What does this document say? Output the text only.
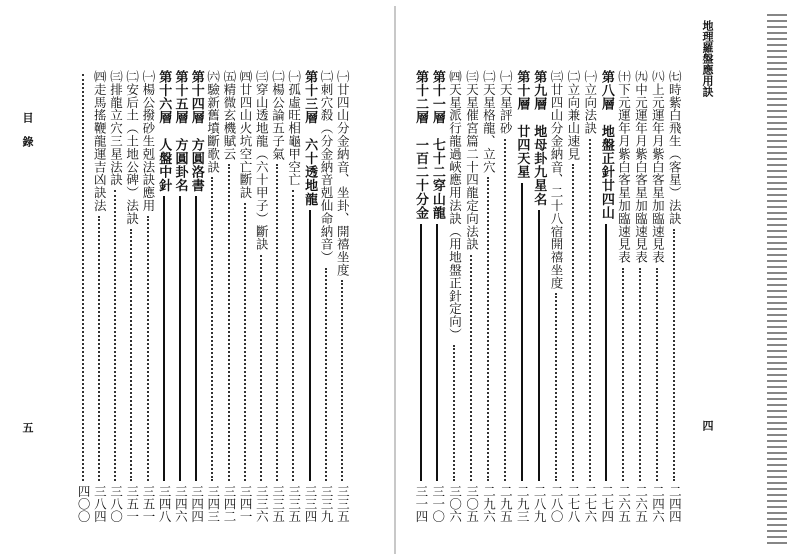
目 錄
五
㈠廿四山分金納音、坐卦、開禧坐度
三三五
㈡刺穴殺（分金納音剋仙命納音）
三三九
第十三層　六十透地龍
三三四
㈠孤虛旺相龜甲空亡
三三五
㈡楊公論五子氣
三三五
㈢穿山透地龍（六十甲子）斷訣
三三六
㈣廿四山火坑空亡斷訣
三四一
㈤精微玄機賦云
三四二
㈥驗新舊墳斷歌訣
三四三
第十四層　方圓洛書
三四四
第十五層　方圓卦名
三四六
第十六層　人盤中針
三四八
㈠楊公撥砂生剋法訣應用
三五一
㈡安后土（土地公碑）法訣
三五一
㈢排龍立穴三星法訣
三八〇
㈣走馬搖鞭龍運吉凶訣法
三八四
四〇〇
地理羅盤應用訣
四
㈦時紫白飛生（客星）法訣
二四四
㈧上元運年月紫白客星加臨速見表
二四六
㈨中元運年月紫白客星加臨速見表
二六五
㈩下元運年月紫白客星加臨速見表
二六五
第八層　地盤正針廿四山
二七四
㈠立向法訣
二七六
㈡立向兼山速見
二七八
㈢廿四山分金納音、二十八宿開禧坐度
二八〇
第九層　地母卦九星名
二八九
第十層　廿四天星
二九三
㈠天星評砂
二九五
㈡天星格龍、立穴
二九六
㈢天星催宮篇二十四龍定向法訣
三〇五
㈣天星派行龍過峽應用法訣（用地盤正針定向）
三〇六
第十一層　七十二穿山龍
三一〇
第十二層　一百二十分金
三一四
